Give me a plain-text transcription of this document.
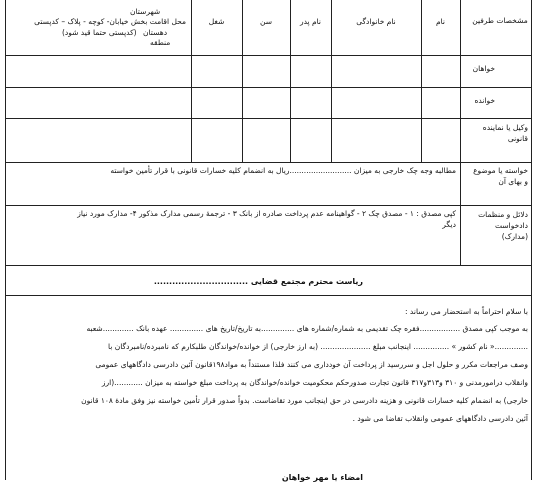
مشخصات طرفین
نام
نام خانوادگی
نام پدر
سن
شغل
شهرستان
محل اقامت بخش خیابان- کوچه - پلاک – کدپستی
دهستان
(کدپستی حتما قید شود)
منطقه
خواهان
خوانده
وکیل یا نماینده قانونی
خواسته یا موضوع و بهای آن
مطالبه وجه چک خارجی به میزان ..........................ریال به انضمام کلیه خسارات قانونی با قرار تأمین خواسته
دلائل و منظمات دادخواست (مدارک)
کپی مصدق : ۱ - مصدق چک ۲ - گواهینامه عدم پرداخت صادره از بانک ۳ - ترجمهٔ رسمی مدارک مذکور ۴- مدارک مورد نیاز دیگر
ریاست محترم مجتمع قضایی ...............................
با سلام احتراماً به استحضار می رساند :
به موجب کپی مصدق .................فقره چک تقدیمی به شماره/شماره های ..............به تاریخ/تاریخ های .............. عهده بانک .............شعبه
..............« نام کشور » ............... اینجانب مبلغ ..................... (به ارز خارجی) از خوانده/خواندگان طلبکارم که نامبرده/نامبردگان با
وصف مراجعات مکرر و حلول اجل و سررسید از پرداخت آن خودداری می کنند فلذا مستنداً به مواد۱۹۸قانون آئین دادرسی دادگاههای عمومی
وانقلاب درامورمدنی و ۳۱۰ و۳۱۳و۳۱۷ قانون تجارت صدورحکم محکومیت خوانده/خواندگان به پرداخت مبلغ خواسته به میزان ............(ارز
خارجی) به انضمام کلیه خسارات قانونی و هزینه دادرسی در حق اینجانب مورد تقاضاست. بدواً صدور قرار تأمین خواسته نیز وفق مادهٔ ۱۰۸ قانون
آئین دادرسی دادگاههای عمومی وانقلاب تقاضا می شود .
امضاء یا مهر خواهان
